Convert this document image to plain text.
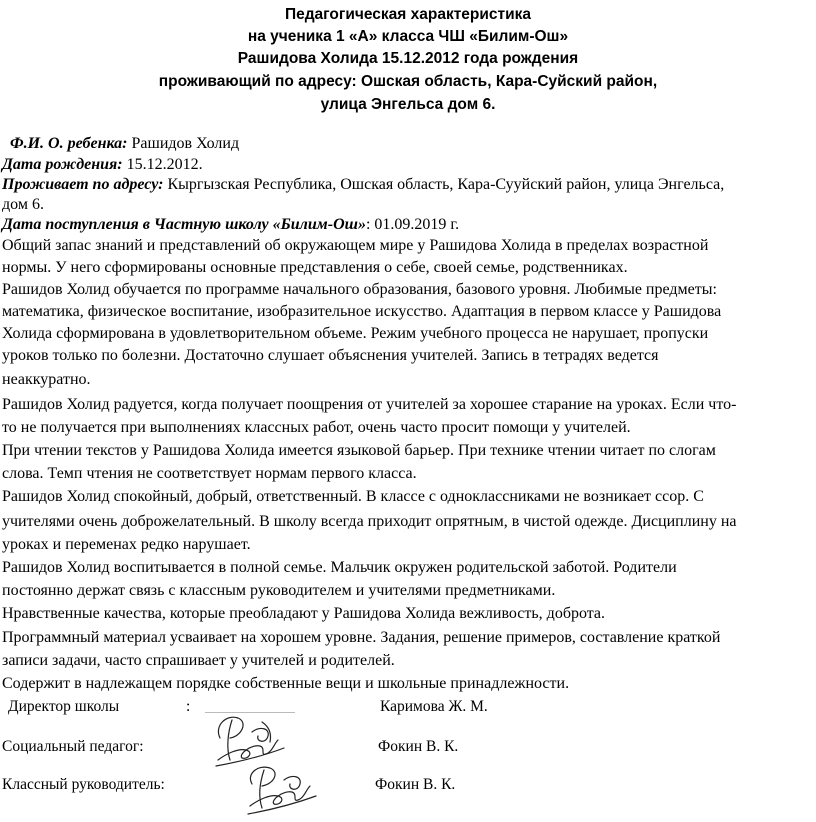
Педагогическая характеристика
на ученика 1 «А» класса ЧШ «Билим-Ош»
Рашидова Холида 15.12.2012 года рождения
проживающий по адресу: Ошская область, Кара-Суйский район,
улица Энгельса дом 6.
Ф.И. О. ребенка: Рашидов Холид
Дата рождения: 15.12.2012.
Проживает по адресу: Кыргызская Республика, Ошская область, Кара-Сууйский район, улица Энгельса,
дом 6.
Дата поступления в Частную школу «Билим-Ош»: 01.09.2019 г.
Общий запас знаний и представлений об окружающем мире у Рашидова Холида в пределах возрастной
нормы. У него сформированы основные представления о себе, своей семье, родственниках.
Рашидов Холид обучается по программе начального образования, базового уровня. Любимые предметы:
математика, физическое воспитание, изобразительное искусство. Адаптация в первом классе у Рашидова
Холида сформирована в удовлетворительном объеме. Режим учебного процесса не нарушает, пропуски
уроков только по болезни. Достаточно слушает объяснения учителей. Запись в тетрадях ведется
неаккуратно.
Рашидов Холид радуется, когда получает поощрения от учителей за хорошее старание на уроках. Если что-
то не получается при выполнениях классных работ, очень часто просит помощи у учителей.
При чтении текстов у Рашидова Холида имеется языковой барьер. При технике чтении читает по слогам
слова. Темп чтения не соответствует нормам первого класса.
Рашидов Холид спокойный, добрый, ответственный. В классе с одноклассниками не возникает ссор. С
учителями очень доброжелательный. В школу всегда приходит опрятным, в чистой одежде. Дисциплину на
уроках и переменах редко нарушает.
Рашидов Холид воспитывается в полной семье. Мальчик окружен родительской заботой. Родители
постоянно держат связь с классным руководителем и учителями предметниками.
Нравственные качества, которые преобладают у Рашидова Холида вежливость, доброта.
Программный материал усваивает на хорошем уровне. Задания, решение примеров, составление краткой
записи задачи, часто спрашивает у учителей и родителей.
Содержит в надлежащем порядке собственные вещи и школьные принадлежности.
Директор школы	:	Каримова Ж. М.
Социальный педагог:	Фокин В. К.
Классный руководитель:	Фокин В. К.
